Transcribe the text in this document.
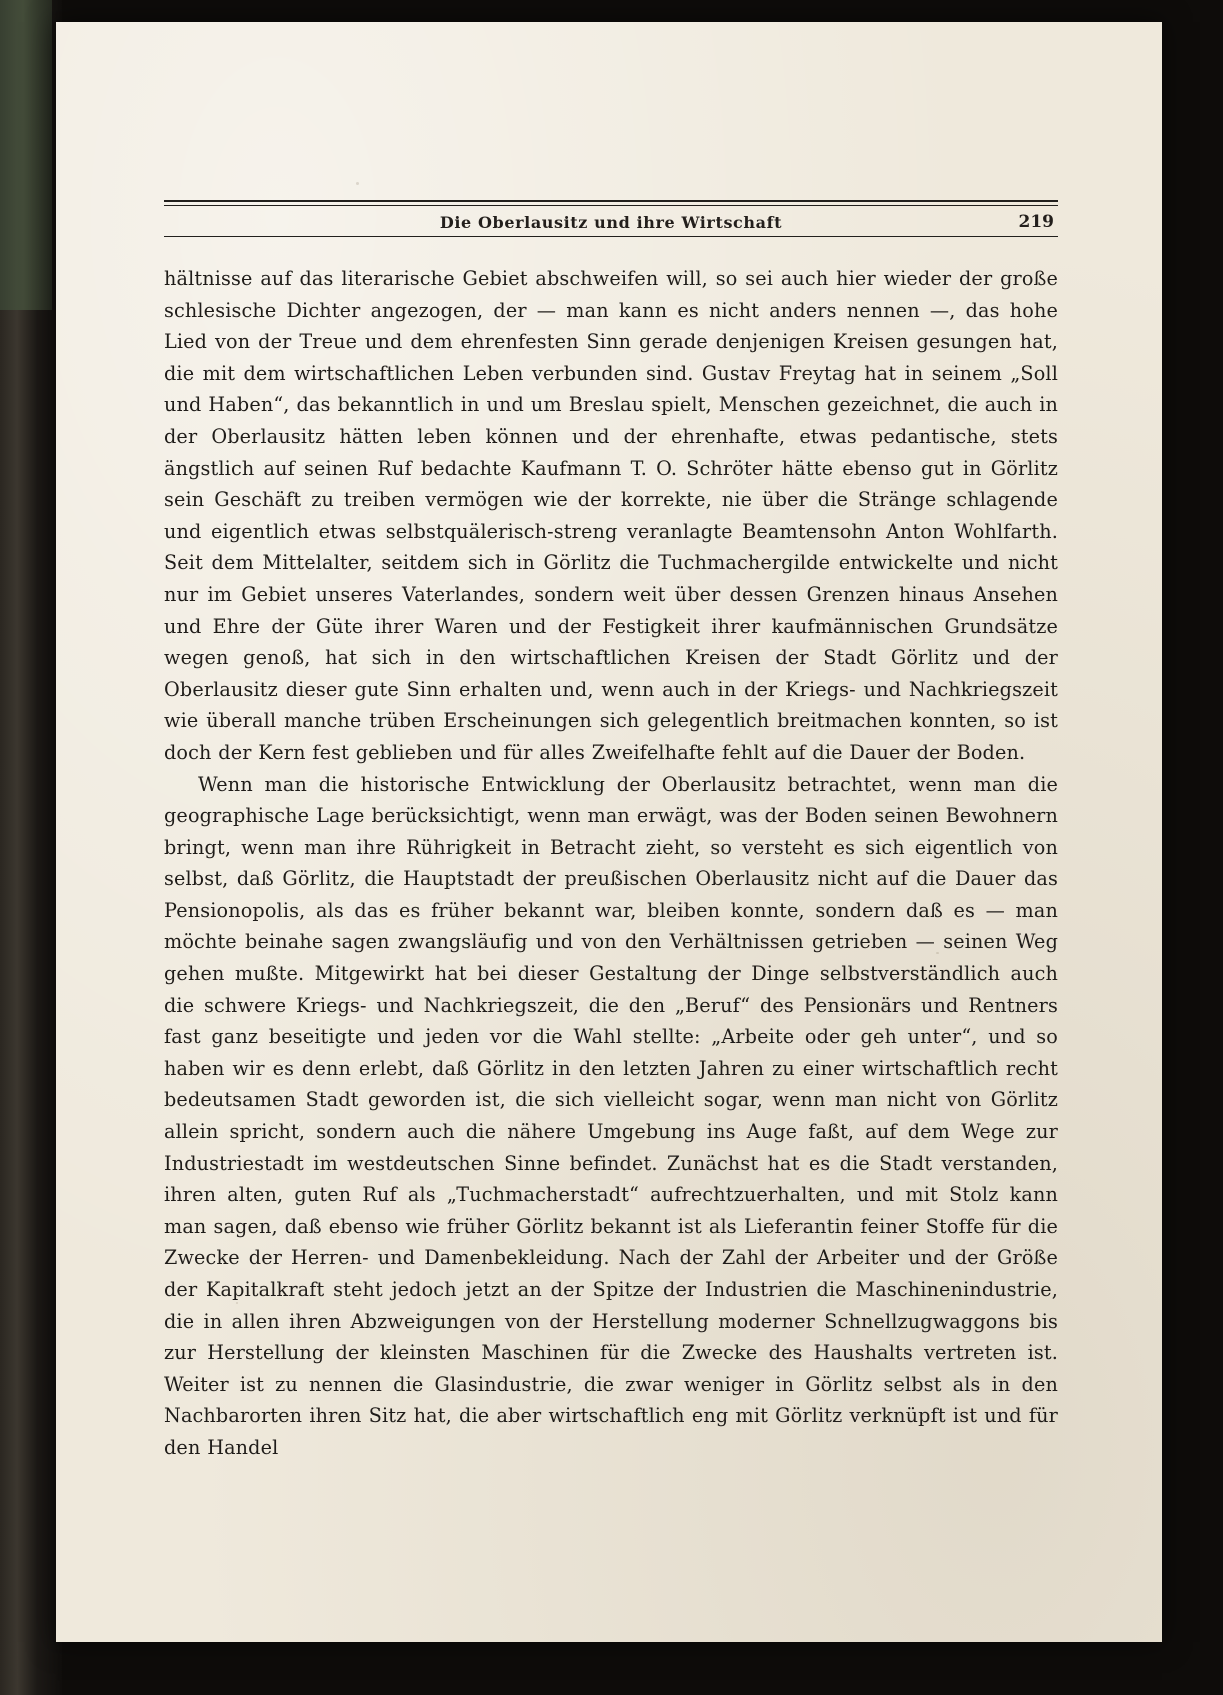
Die Oberlausitz und ihre Wirtschaft	219

hältnisse auf das literarische Gebiet abschweifen will, so sei auch hier wieder der große schlesische Dichter angezogen, der — man kann es nicht anders nennen —, das hohe Lied von der Treue und dem ehrenfesten Sinn gerade denjenigen Kreisen gesungen hat, die mit dem wirtschaftlichen Leben verbunden sind. Gustav Freytag hat in seinem „Soll und Haben“, das bekanntlich in und um Breslau spielt, Menschen gezeichnet, die auch in der Oberlausitz hätten leben können und der ehrenhafte, etwas pedantische, stets ängstlich auf seinen Ruf bedachte Kaufmann T. O. Schröter hätte ebenso gut in Görlitz sein Geschäft zu treiben vermögen wie der korrekte, nie über die Stränge schlagende und eigentlich etwas selbstquälerisch-streng veranlagte Beamtensohn Anton Wohlfarth. Seit dem Mittelalter, seitdem sich in Görlitz die Tuchmachergilde entwickelte und nicht nur im Gebiet unseres Vaterlandes, sondern weit über dessen Grenzen hinaus Ansehen und Ehre der Güte ihrer Waren und der Festigkeit ihrer kaufmännischen Grundsätze wegen genoß, hat sich in den wirtschaftlichen Kreisen der Stadt Görlitz und der Oberlausitz dieser gute Sinn erhalten und, wenn auch in der Kriegs- und Nachkriegszeit wie überall manche trüben Erscheinungen sich gelegentlich breitmachen konnten, so ist doch der Kern fest geblieben und für alles Zweifelhafte fehlt auf die Dauer der Boden.

Wenn man die historische Entwicklung der Oberlausitz betrachtet, wenn man die geographische Lage berücksichtigt, wenn man erwägt, was der Boden seinen Bewohnern bringt, wenn man ihre Rührigkeit in Betracht zieht, so versteht es sich eigentlich von selbst, daß Görlitz, die Hauptstadt der preußischen Oberlausitz nicht auf die Dauer das Pensionopolis, als das es früher bekannt war, bleiben konnte, sondern daß es — man möchte beinahe sagen zwangsläufig und von den Verhältnissen getrieben — seinen Weg gehen mußte. Mitgewirkt hat bei dieser Gestaltung der Dinge selbstverständlich auch die schwere Kriegs- und Nachkriegszeit, die den „Beruf“ des Pensionärs und Rentners fast ganz beseitigte und jeden vor die Wahl stellte: „Arbeite oder geh unter“, und so haben wir es denn erlebt, daß Görlitz in den letzten Jahren zu einer wirtschaftlich recht bedeutsamen Stadt geworden ist, die sich vielleicht sogar, wenn man nicht von Görlitz allein spricht, sondern auch die nähere Umgebung ins Auge faßt, auf dem Wege zur Industriestadt im westdeutschen Sinne befindet. Zunächst hat es die Stadt verstanden, ihren alten, guten Ruf als „Tuchmacherstadt“ aufrechtzuerhalten, und mit Stolz kann man sagen, daß ebenso wie früher Görlitz bekannt ist als Lieferantin feiner Stoffe für die Zwecke der Herren- und Damenbekleidung. Nach der Zahl der Arbeiter und der Größe der Kapitalkraft steht jedoch jetzt an der Spitze der Industrien die Maschinenindustrie, die in allen ihren Abzweigungen von der Herstellung moderner Schnellzugwaggons bis zur Herstellung der kleinsten Maschinen für die Zwecke des Haushalts vertreten ist. Weiter ist zu nennen die Glasindustrie, die zwar weniger in Görlitz selbst als in den Nachbarorten ihren Sitz hat, die aber wirtschaftlich eng mit Görlitz verknüpft ist und für den Handel
